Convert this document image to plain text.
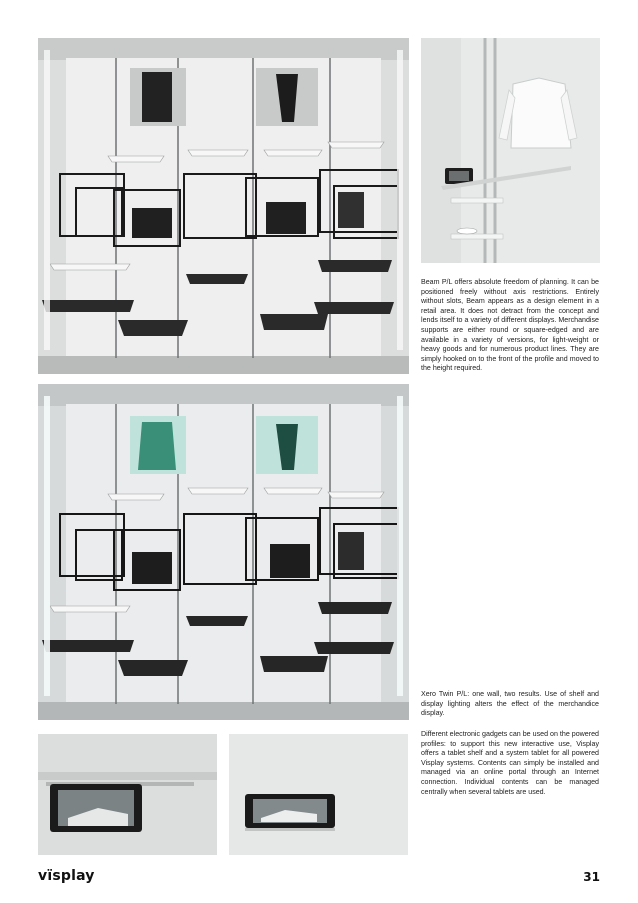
Beam P/L offers absolute freedom of planning. It can be positioned freely without axis restrictions. Entirely without slots, Beam appears as a design element in a retail area. It does not detract from the concept and lends itself to a variety of different displays. Merchandise supports are either round or square-edged and are available in a variety of versions, for light-weight or heavy goods and for numerous product lines. They are simply hooked on to the front of the profile and moved to the height required.

Xero Twin P/L: one wall, two results. Use of shelf and display lighting alters the effect of the merchandice display.

Different electronic gadgets can be used on the powered profiles: to support this new interactive use, Visplay offers a tablet shelf and a system tablet for all powered Visplay systems. Contents can simply be installed and managed via an online portal through an Internet connection. Individual contents can be managed centrally when several tablets are used.

vïsplay	31
